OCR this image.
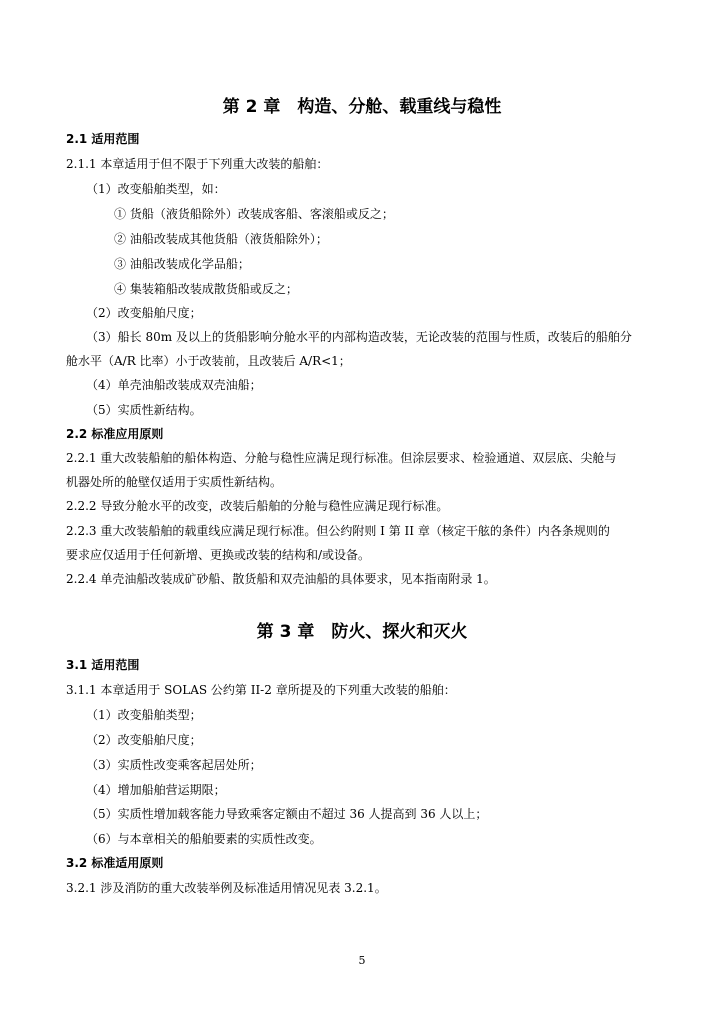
第 2 章　构造、分舱、载重线与稳性
2.1 适用范围
2.1.1 本章适用于但不限于下列重大改装的船舶：
（1）改变船舶类型，如：
① 货船（液货船除外）改装成客船、客滚船或反之；
② 油船改装成其他货船（液货船除外）；
③ 油船改装成化学品船；
④ 集装箱船改装成散货船或反之；
（2）改变船舶尺度；
（3）船长 80m 及以上的货船影响分舱水平的内部构造改装，无论改装的范围与性质，改装后的船舶分
舱水平（A/R 比率）小于改装前，且改装后 A/R<1；
（4）单壳油船改装成双壳油船；
（5）实质性新结构。
2.2 标准应用原则
2.2.1 重大改装船舶的船体构造、分舱与稳性应满足现行标准。但涂层要求、检验通道、双层底、尖舱与
机器处所的舱壁仅适用于实质性新结构。
2.2.2 导致分舱水平的改变，改装后船舶的分舱与稳性应满足现行标准。
2.2.3 重大改装船舶的载重线应满足现行标准。但公约附则 I 第 II 章（核定干舷的条件）内各条规则的
要求应仅适用于任何新增、更换或改装的结构和/或设备。
2.2.4 单壳油船改装成矿砂船、散货船和双壳油船的具体要求，见本指南附录 1。
第 3 章　防火、探火和灭火
3.1 适用范围
3.1.1 本章适用于 SOLAS 公约第 II-2 章所提及的下列重大改装的船舶：
（1）改变船舶类型；
（2）改变船舶尺度；
（3）实质性改变乘客起居处所；
（4）增加船舶营运期限；
（5）实质性增加载客能力导致乘客定额由不超过 36 人提高到 36 人以上；
（6）与本章相关的船舶要素的实质性改变。
3.2 标准适用原则
3.2.1 涉及消防的重大改装举例及标准适用情况见表 3.2.1。
5
